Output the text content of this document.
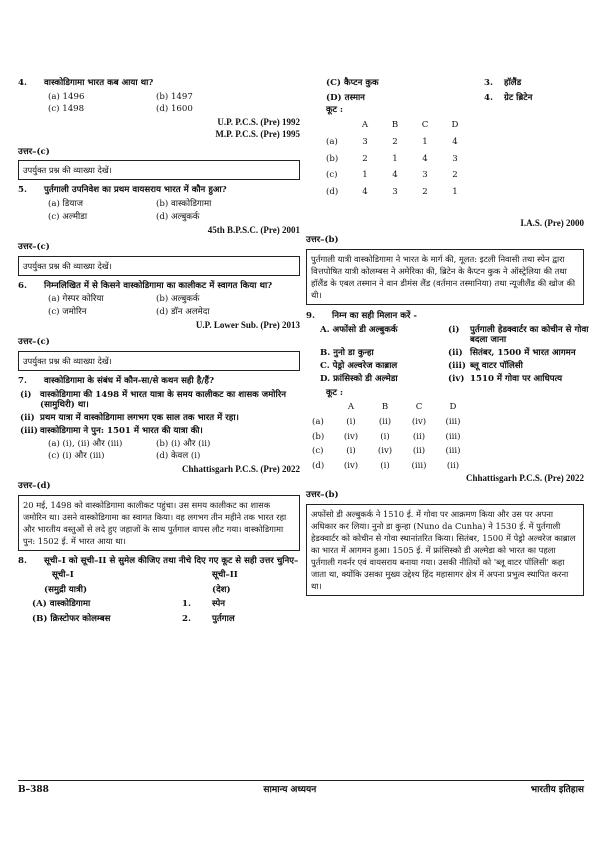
4.	वास्कोडिगामा भारत कब आया था?
(a) 1496	(b) 1497
(c) 1498	(d) 1600
U.P. P.C.S. (Pre) 1992
M.P. P.C.S. (Pre) 1995
उत्तर–(c)
उपर्युक्त प्रश्न की व्याख्या देखें।
5.	पुर्तगाली उपनिवेश का प्रथम वायसराय भारत में कौन हुआ?
(a) डियाज	(b) वास्कोडिगामा
(c) अल्मीडा	(d) अल्बुकर्क
45th B.P.S.C. (Pre) 2001
उत्तर–(c)
उपर्युक्त प्रश्न की व्याख्या देखें।
6.	निम्नलिखित में से किसने वास्कोडिगामा का कालीकट में स्वागत किया था?
(a) गेस्पर कोरिया	(b) अल्बुकर्क
(c) जमोरिन	(d) डॉन अलमेदा
U.P. Lower Sub. (Pre) 2013
उत्तर–(c)
उपर्युक्त प्रश्न की व्याख्या देखें।
7.	वास्कोडिगामा के संबंध में कौन-सा/से कथन सही है/हैं?
(i) वास्कोडिगामा की 1498 में भारत यात्रा के समय कालीकट का शासक जमोरिन (सामुथिरी) था।
(ii) प्रथम यात्रा में वास्कोडिगामा लगभग एक साल तक भारत में रहा।
(iii) वास्कोडिगामा ने पुन: 1501 में भारत की यात्रा की।
(a) (i), (ii) और (iii)	(b) (i) और (ii)
(c) (i) और (iii)	(d) केवल (i)
Chhattisgarh P.C.S. (Pre) 2022
उत्तर–(d)
20 मई, 1498 को वास्कोडिगामा कालीकट पहुंचा। उस समय कालीकट का शासक जमोरिन था। उसने वास्कोडिगामा का स्वागत किया। वह लगभग तीन महीने तक भारत रहा और भारतीय वस्तुओं से लदे हुए जहाजों के साथ पुर्तगाल वापस लौट गया। वास्कोडिगामा पुन: 1502 ई. में भारत आया था।
8.	सूची–I को सूची–II से सुमेल कीजिए तथा नीचे दिए गए कूट से सही उत्तर चुनिए–
सूची–I	सूची–II
(समुद्री यात्री)	(देश)
(A) वास्कोडिगामा	1.	स्पेन
(B) क्रिस्टोफर कोलम्बस	2.	पुर्तगाल
(C) कैप्टन कुक	3.	हॉलैंड
(D) तस्मान	4.	ग्रेट ब्रिटेन
कूट :
A	B	C	D
(a)	3	2	1	4
(b)	2	1	4	3
(c)	1	4	3	2
(d)	4	3	2	1
I.A.S. (Pre) 2000
उत्तर–(b)
पुर्तगाली यात्री वास्कोडिगामा ने भारत के मार्ग की, मूलत: इटली निवासी तथा स्पेन द्वारा वित्तपोषित यात्री कोलम्बस ने अमेरिका की, ब्रिटेन के कैप्टन कुक ने ऑस्ट्रेलिया की तथा हॉलैंड के एबल तस्मान ने वान डीमंस लैंड (वर्तमान तस्मानिया) तथा न्यूजीलैंड की खोज की थी।
9.	निम्न का सही मिलान करें -
A. अफोंसो डी अल्बुकर्क	(i)	पुर्तगाली हेडक्वार्टर का कोचीन से गोवा बदला जाना
B. नुनो डा कुन्हा	(ii) सितंबर, 1500 में भारत आगमन
C. पेड्रो अल्वरेज काब्राल	(iii) ब्लू वाटर पॉलिसी
D. फ्रांसिस्को डी अल्मेडा	(iv) 1510 में गोवा पर आधिपत्य
कूट :
A	B	C	D
(a)	(i)	(ii)	(iv)	(iii)
(b)	(iv)	(i)	(ii)	(iii)
(c)	(i)	(iv)	(ii)	(iii)
(d)	(iv)	(i)	(iii)	(ii)
Chhattisgarh P.C.S. (Pre) 2022
उत्तर–(b)
अफोंसो डी अल्बुकर्क ने 1510 ई. में गोवा पर आक्रमण किया और उस पर अपना अधिकार कर लिया। नुनो डा कुन्हा (Nuno da Cunha) ने 1530 ई. में पुर्तगाली हेडक्वार्टर को कोचीन से गोवा स्थानांतरित किया। सितंबर, 1500 में पेड्रो अल्वरेज काब्राल का भारत में आगमन हुआ। 1505 ई. में फ्रांसिस्को डी अल्मेडा को भारत का पहला पुर्तगाली गवर्नर एवं वायसराय बनाया गया। उसकी नीतियों को 'ब्लू वाटर पॉलिसी' कहा जाता था, क्योंकि उसका मुख्य उद्देश्य हिंद महासागर क्षेत्र में अपना प्रभुत्व स्थापित करना था।
B–388	सामान्य अध्ययन	भारतीय इतिहास
